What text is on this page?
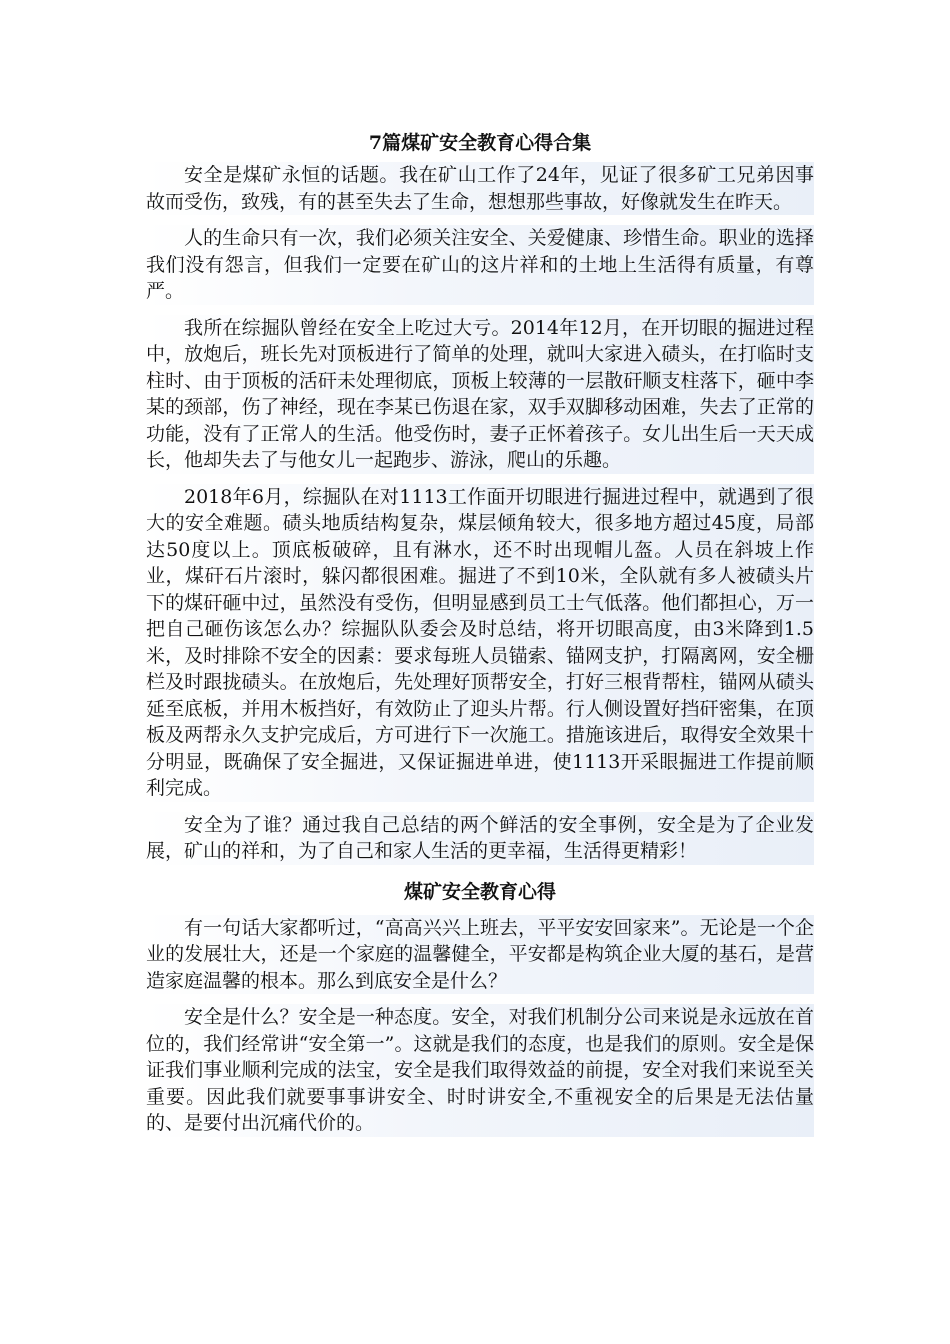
7篇煤矿安全教育心得合集

安全是煤矿永恒的话题。我在矿山工作了24年，见证了很多矿工兄弟因事故而受伤，致残，有的甚至失去了生命，想想那些事故，好像就发生在昨天。

人的生命只有一次，我们必须关注安全、关爱健康、珍惜生命。职业的选择我们没有怨言，但我们一定要在矿山的这片祥和的土地上生活得有质量，有尊严。

我所在综掘队曾经在安全上吃过大亏。2014年12月，在开切眼的掘进过程中，放炮后，班长先对顶板进行了简单的处理，就叫大家进入碛头，在打临时支柱时、由于顶板的活矸未处理彻底，顶板上较薄的一层散矸顺支柱落下，砸中李某的颈部，伤了神经，现在李某已伤退在家，双手双脚移动困难，失去了正常的功能，没有了正常人的生活。他受伤时，妻子正怀着孩子。女儿出生后一天天成长，他却失去了与他女儿一起跑步、游泳，爬山的乐趣。

2018年6月，综掘队在对1113工作面开切眼进行掘进过程中，就遇到了很大的安全难题。碛头地质结构复杂，煤层倾角较大，很多地方超过45度，局部达50度以上。顶底板破碎，且有淋水，还不时出现帽儿盔。人员在斜坡上作业，煤矸石片滚时，躲闪都很困难。掘进了不到10米，全队就有多人被碛头片下的煤矸砸中过，虽然没有受伤，但明显感到员工士气低落。他们都担心，万一把自己砸伤该怎么办？综掘队队委会及时总结，将开切眼高度，由3米降到1.5米，及时排除不安全的因素：要求每班人员锚索、锚网支护，打隔离网，安全栅栏及时跟拢碛头。在放炮后，先处理好顶帮安全，打好三根背帮柱，锚网从碛头延至底板，并用木板挡好，有效防止了迎头片帮。行人侧设置好挡矸密集，在顶板及两帮永久支护完成后，方可进行下一次施工。措施该进后，取得安全效果十分明显，既确保了安全掘进，又保证掘进单进，使1113开采眼掘进工作提前顺利完成。

安全为了谁？通过我自己总结的两个鲜活的安全事例，安全是为了企业发展，矿山的祥和，为了自己和家人生活的更幸福，生活得更精彩！

煤矿安全教育心得

有一句话大家都听过，“高高兴兴上班去，平平安安回家来”。无论是一个企业的发展壮大，还是一个家庭的温馨健全，平安都是构筑企业大厦的基石，是营造家庭温馨的根本。那么到底安全是什么？

安全是什么？安全是一种态度。安全，对我们机制分公司来说是永远放在首位的，我们经常讲“安全第一”。这就是我们的态度，也是我们的原则。安全是保证我们事业顺利完成的法宝，安全是我们取得效益的前提，安全对我们来说至关重要。因此我们就要事事讲安全、时时讲安全,不重视安全的后果是无法估量的、是要付出沉痛代价的。
